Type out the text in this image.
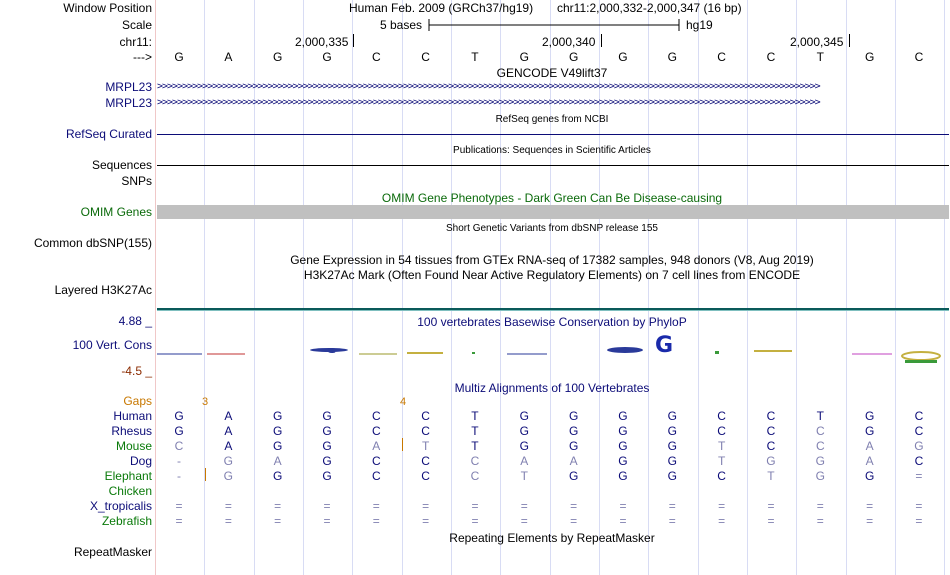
Window Position	Human Feb. 2009 (GRCh37/hg19) chr11:2,000,332-2,000,347 (16 bp)
Scale	5 bases	hg19
chr11:	2,000,335	2,000,340	2,000,345
---> G	A	G	G	C	C	T	G	G	G	G	C	C	T	G	C
GENCODE V49lift37
MRPL23 >>>>>>>>>>>>>>>>>>>>>>>>>>>>>>>>>>>>>>>>>>>>>>>>>>>>>>>>>>>>>>>>>>>>>>>>>>>>>>>>>>>>>>>>>>>>>>>>>>>>>>>>>>>>>>>>>>>>>>>>>>>>>>>>>>>>
MRPL23 >>>>>>>>>>>>>>>>>>>>>>>>>>>>>>>>>>>>>>>>>>>>>>>>>>>>>>>>>>>>>>>>>>>>>>>>>>>>>>>>>>>>>>>>>>>>>>>>>>>>>>>>>>>>>>>>>>>>>>>>>>>>>>>>>>>>
RefSeq genes from NCBI
RefSeq Curated
Publications: Sequences in Scientific Articles
Sequences
SNPs
OMIM Gene Phenotypes - Dark Green Can Be Disease-causing
OMIM Genes
Short Genetic Variants from dbSNP release 155
Common dbSNP(155)
Gene Expression in 54 tissues from GTEx RNA-seq of 17382 samples, 948 donors (V8, Aug 2019)
H3K27Ac Mark (Often Found Near Active Regulatory Elements) on 7 cell lines from ENCODE
Layered H3K27Ac
4.88 _	100 vertebrates Basewise Conservation by PhyloP
100 Vert. Cons
-4.5 _
G
Multiz Alignments of 100 Vertebrates
Gaps	3	4
Human G	A	G	G	C	C	T	G	G	G	G	C	C	T	G	C
Rhesus G	A	G	G	C	C	T	G	G	G	G	C	C	C	G	C
Mouse C	A	G	G	A	T	T	G	G	G	G	T	C	C	A	G
Dog	-	G	A	G	C	C	C	A	A	G	G	T	G	G	A	C
Elephant	-	G	G	G	C	C	C	T	G	G	G	C	T	G	G	=
Chicken
X_tropicalis =	=	=	=	=	=	=	=	=	=	=	=	=	=	=	=
Zebrafish =	=	=	=	=	=	=	=	=	=	=	=	=	=	=	=
Repeating Elements by RepeatMasker
RepeatMasker
